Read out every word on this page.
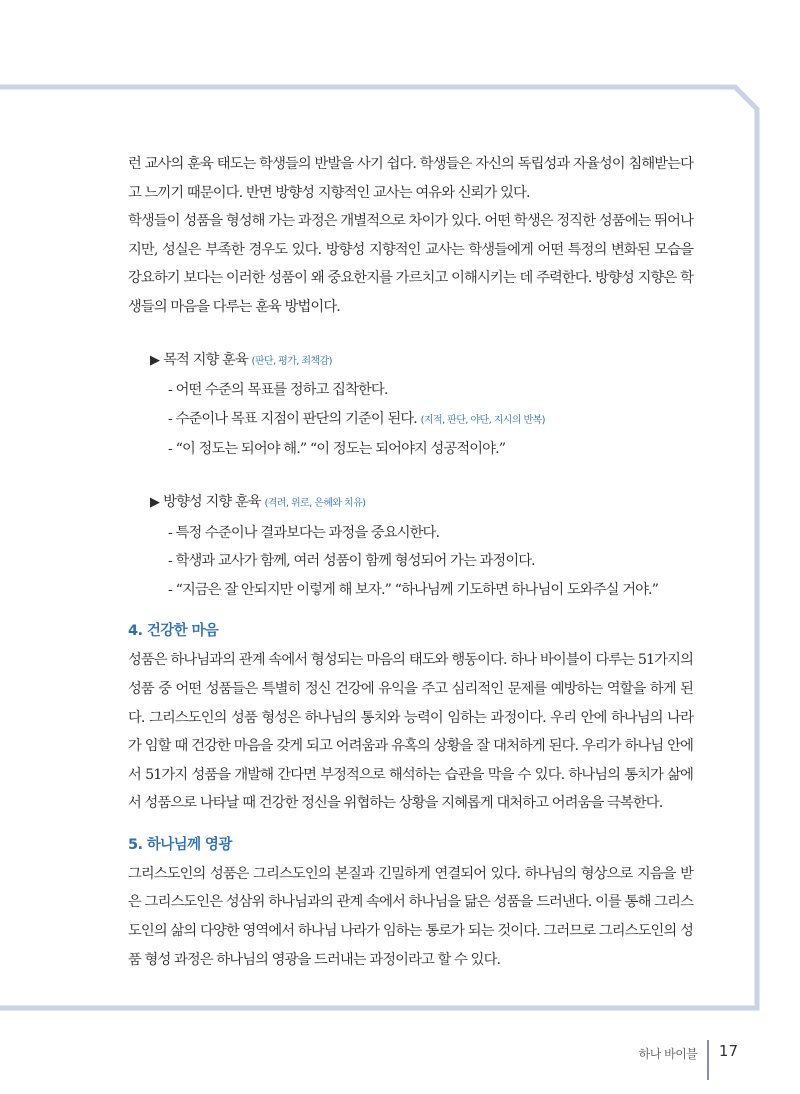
런 교사의 훈육 태도는 학생들의 반발을 사기 쉽다. 학생들은 자신의 독립성과 자율성이 침해받는다고 느끼기 때문이다. 반면 방향성 지향적인 교사는 여유와 신뢰가 있다.

학생들이 성품을 형성해 가는 과정은 개별적으로 차이가 있다. 어떤 학생은 정직한 성품에는 뛰어나지만, 성실은 부족한 경우도 있다. 방향성 지향적인 교사는 학생들에게 어떤 특정의 변화된 모습을 강요하기 보다는 이러한 성품이 왜 중요한지를 가르치고 이해시키는 데 주력한다. 방향성 지향은 학생들의 마음을 다루는 훈육 방법이다.

▶ 목적 지향 훈육 (판단, 평가, 죄책감)
- 어떤 수준의 목표를 정하고 집착한다.
- 수준이나 목표 지점이 판단의 기준이 된다. (지적, 판단, 야단, 지시의 반복)
- “이 정도는 되어야 해.” “이 정도는 되어야지 성공적이야.”
▶ 방향성 지향 훈육 (격려, 위로, 은혜와 치유)
- 특정 수준이나 결과보다는 과정을 중요시한다.
- 학생과 교사가 함께, 여러 성품이 함께 형성되어 가는 과정이다.
- “지금은 잘 안되지만 이렇게 해 보자.” “하나님께 기도하면 하나님이 도와주실 거야.”
4. 건강한 마음

성품은 하나님과의 관계 속에서 형성되는 마음의 태도와 행동이다. 하나 바이블이 다루는 51가지의 성품 중 어떤 성품들은 특별히 정신 건강에 유익을 주고 심리적인 문제를 예방하는 역할을 하게 된다. 그리스도인의 성품 형성은 하나님의 통치와 능력이 임하는 과정이다. 우리 안에 하나님의 나라가 임할 때 건강한 마음을 갖게 되고 어려움과 유혹의 상황을 잘 대처하게 된다. 우리가 하나님 안에서 51가지 성품을 개발해 간다면 부정적으로 해석하는 습관을 막을 수 있다. 하나님의 통치가 삶에서 성품으로 나타날 때 건강한 정신을 위협하는 상황을 지혜롭게 대처하고 어려움을 극복한다.

5. 하나님께 영광

그리스도인의 성품은 그리스도인의 본질과 긴밀하게 연결되어 있다. 하나님의 형상으로 지음을 받은 그리스도인은 성삼위 하나님과의 관계 속에서 하나님을 닮은 성품을 드러낸다. 이를 통해 그리스도인의 삶의 다양한 영역에서 하나님 나라가 임하는 통로가 되는 것이다. 그러므로 그리스도인의 성품 형성 과정은 하나님의 영광을 드러내는 과정이라고 할 수 있다.

하나 바이블 17
